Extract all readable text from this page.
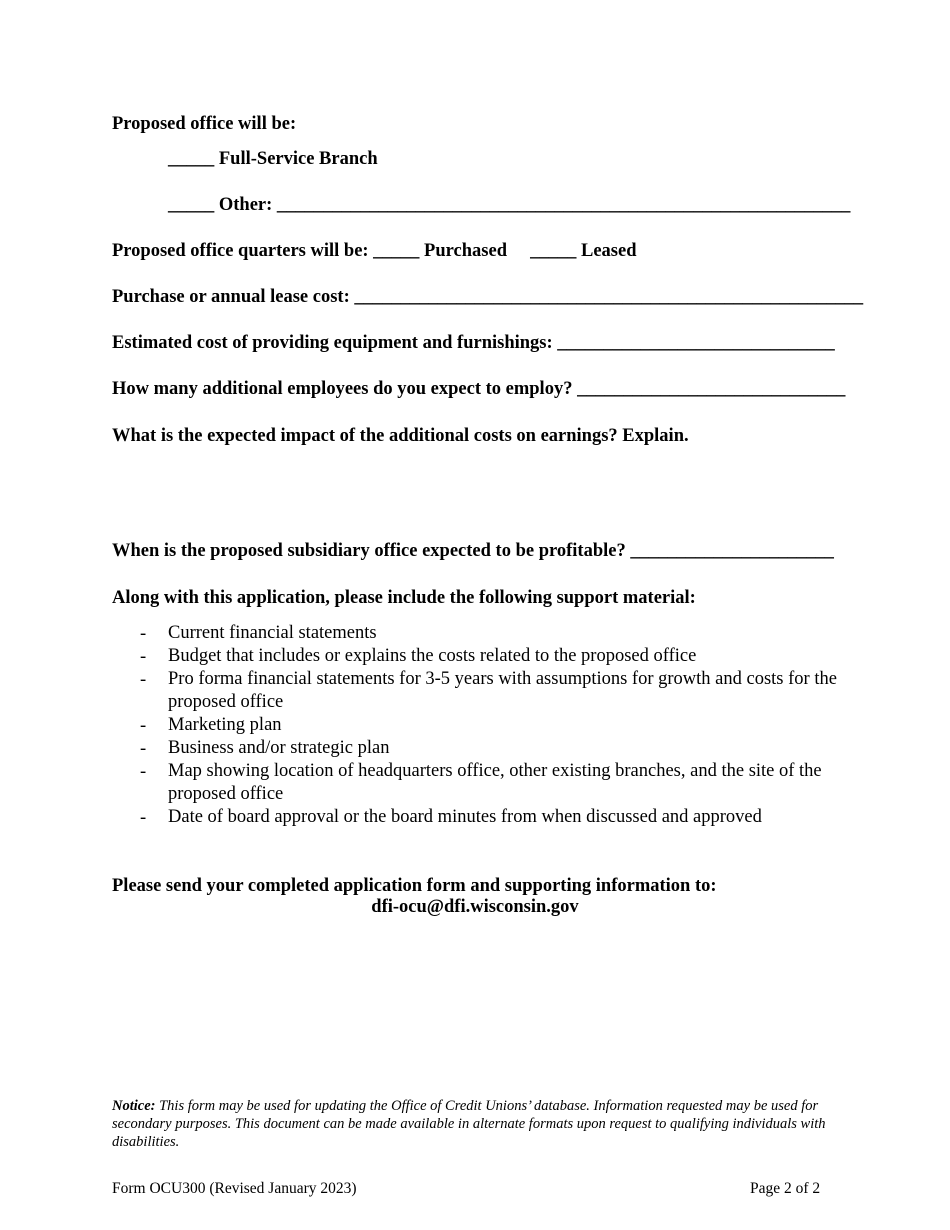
Proposed office will be:
_____ Full-Service Branch
_____ Other: ______________________________________________________________
Proposed office quarters will be: _____ Purchased     _____ Leased
Purchase or annual lease cost: _______________________________________________________
Estimated cost of providing equipment and furnishings: ______________________________
How many additional employees do you expect to employ? _____________________________
What is the expected impact of the additional costs on earnings? Explain.
When is the proposed subsidiary office expected to be profitable? ______________________
Along with this application, please include the following support material:
- Current financial statements
- Budget that includes or explains the costs related to the proposed office
- Pro forma financial statements for 3-5 years with assumptions for growth and costs for the proposed office
- Marketing plan
- Business and/or strategic plan
- Map showing location of headquarters office, other existing branches, and the site of the proposed office
- Date of board approval or the board minutes from when discussed and approved
Please send your completed application form and supporting information to:
dfi-ocu@dfi.wisconsin.gov
Notice: This form may be used for updating the Office of Credit Unions’ database. Information requested may be used for secondary purposes. This document can be made available in alternate formats upon request to qualifying individuals with disabilities.
Form OCU300 (Revised January 2023)	Page 2 of 2
